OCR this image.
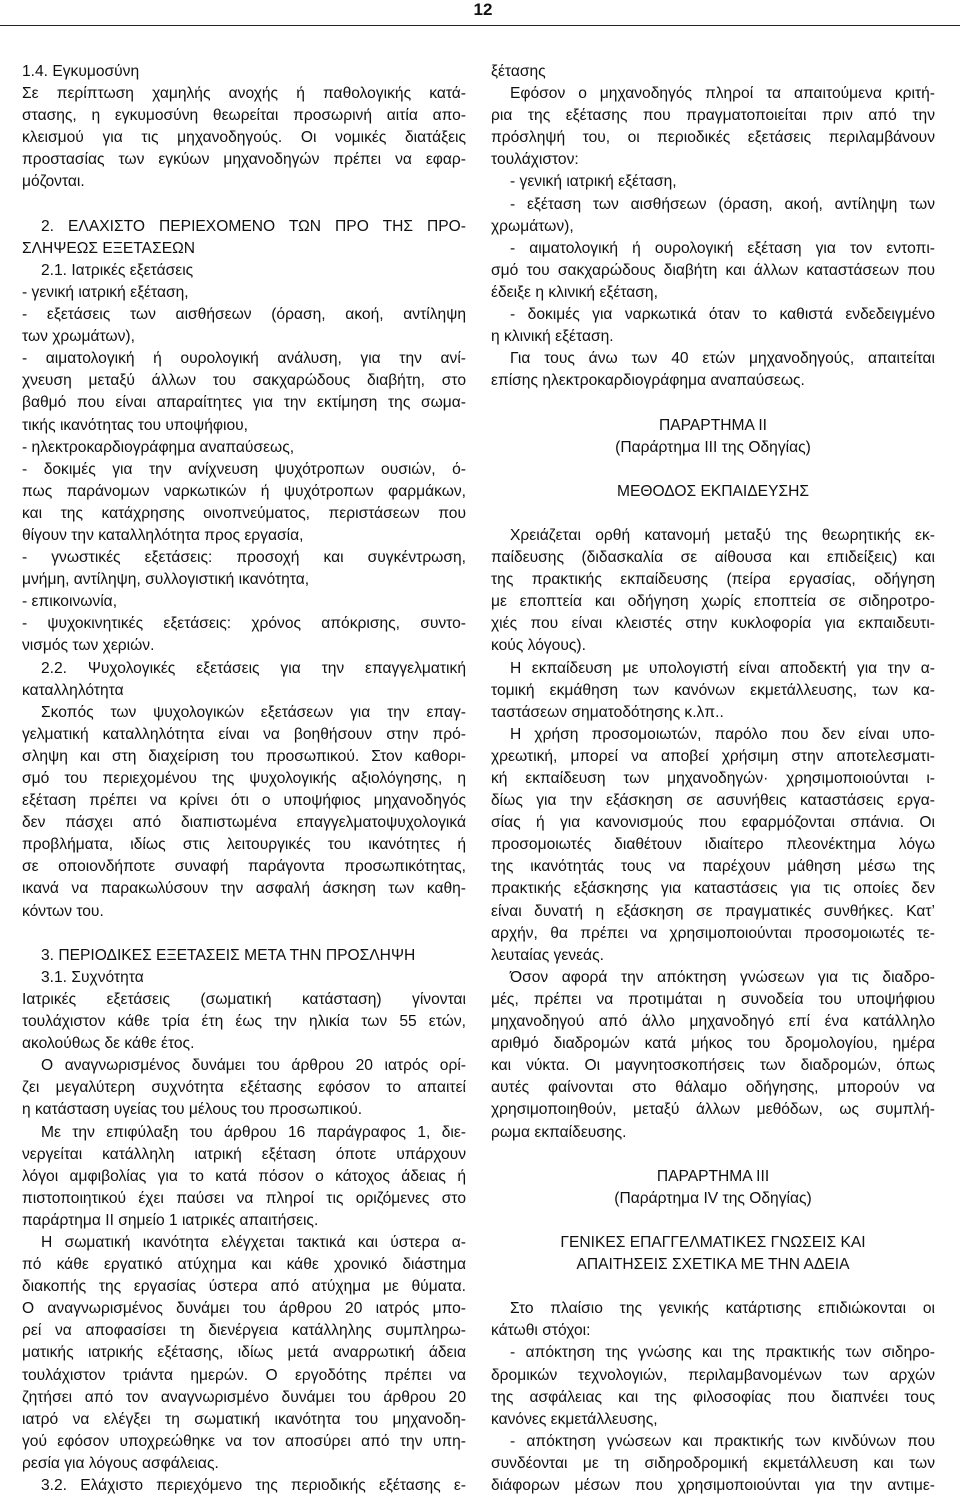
12
1.4. Εγκυμοσύνη
Σε περίπτωση χαμηλής ανοχής ή παθολογικής κατά-
στασης, η εγκυμοσύνη θεωρείται προσωρινή αιτία απο-
κλεισμού για τις μηχανοδηγούς. Οι νομικές διατάξεις
προστασίας των εγκύων μηχανοδηγών πρέπει να εφαρ-
μόζονται.

2. ΕΛΑΧΙΣΤΟ ΠΕΡΙΕΧΟΜΕΝΟ ΤΩΝ ΠΡΟ ΤΗΣ ΠΡΟ-
ΣΛΗΨΕΩΣ ΕΞΕΤΑΣΕΩΝ
2.1. Ιατρικές εξετάσεις
- γενική ιατρική εξέταση,
- εξετάσεις των αισθήσεων (όραση, ακοή, αντίληψη
των χρωμάτων),
- αιματολογική ή ουρολογική ανάλυση, για την ανί-
χνευση μεταξύ άλλων του σακχαρώδους διαβήτη, στο
βαθμό που είναι απαραίτητες για την εκτίμηση της σωμα-
τικής ικανότητας του υποψήφιου,
- ηλεκτροκαρδιογράφημα αναπαύσεως,
- δοκιμές για την ανίχνευση ψυχότροπων ουσιών, ό-
πως παράνομων ναρκωτικών ή ψυχότροπων φαρμάκων,
και της κατάχρησης οινοπνεύματος, περιστάσεων που
θίγουν την καταλληλότητα προς εργασία,
- γνωστικές εξετάσεις: προσοχή και συγκέντρωση,
μνήμη, αντίληψη, συλλογιστική ικανότητα,
- επικοινωνία,
- ψυχοκινητικές εξετάσεις: χρόνος απόκρισης, συντο-
νισμός των χεριών.
2.2. Ψυχολογικές εξετάσεις για την επαγγελματική
καταλληλότητα
Σκοπός των ψυχολογικών εξετάσεων για την επαγ-
γελματική καταλληλότητα είναι να βοηθήσουν στην πρό-
σληψη και στη διαχείριση του προσωπικού. Στον καθορι-
σμό του περιεχομένου της ψυχολογικής αξιολόγησης, η
εξέταση πρέπει να κρίνει ότι ο υποψήφιος μηχανοδηγός
δεν πάσχει από διαπιστωμένα επαγγελματοψυχολογικά
προβλήματα, ιδίως στις λειτουργικές του ικανότητες ή
σε οποιονδήποτε συναφή παράγοντα προσωπικότητας,
ικανά να παρακωλύσουν την ασφαλή άσκηση των καθη-
κόντων του.

3. ΠΕΡΙΟΔΙΚΕΣ ΕΞΕΤΑΣΕΙΣ ΜΕΤΑ ΤΗΝ ΠΡΟΣΛΗΨΗ
3.1. Συχνότητα
Ιατρικές εξετάσεις (σωματική κατάσταση) γίνονται
τουλάχιστον κάθε τρία έτη έως την ηλικία των 55 ετών,
ακολούθως δε κάθε έτος.
Ο αναγνωρισμένος δυνάμει του άρθρου 20 ιατρός ορί-
ζει μεγαλύτερη συχνότητα εξέτασης εφόσον το απαιτεί
η κατάσταση υγείας του μέλους του προσωπικού.
Με την επιφύλαξη του άρθρου 16 παράγραφος 1, διε-
νεργείται κατάλληλη ιατρική εξέταση όποτε υπάρχουν
λόγοι αμφιβολίας για το κατά πόσον ο κάτοχος άδειας ή
πιστοποιητικού έχει παύσει να πληροί τις οριζόμενες στο
παράρτημα ΙΙ σημείο 1 ιατρικές απαιτήσεις.
Η σωματική ικανότητα ελέγχεται τακτικά και ύστερα α-
πό κάθε εργατικό ατύχημα και κάθε χρονικό διάστημα
διακοπής της εργασίας ύστερα από ατύχημα με θύματα.
Ο αναγνωρισμένος δυνάμει του άρθρου 20 ιατρός μπο-
ρεί να αποφασίσει τη διενέργεια κατάλληλης συμπληρω-
ματικής ιατρικής εξέτασης, ιδίως μετά αναρρωτική άδεια
τουλάχιστον τριάντα ημερών. Ο εργοδότης πρέπει να
ζητήσει από τον αναγνωρισμένο δυνάμει του άρθρου 20
ιατρό να ελέγξει τη σωματική ικανότητα του μηχανοδη-
γού εφόσον υποχρεώθηκε να τον αποσύρει από την υπη-
ρεσία για λόγους ασφάλειας.
3.2. Ελάχιστο περιεχόμενο της περιοδικής εξέτασης ε-
ξέτασης
Εφόσον ο μηχανοδηγός πληροί τα απαιτούμενα κριτή-
ρια της εξέτασης που πραγματοποιείται πριν από την
πρόσληψή του, οι περιοδικές εξετάσεις περιλαμβάνουν
τουλάχιστον:
- γενική ιατρική εξέταση,
- εξέταση των αισθήσεων (όραση, ακοή, αντίληψη των
χρωμάτων),
- αιματολογική ή ουρολογική εξέταση για τον εντοπι-
σμό του σακχαρώδους διαβήτη και άλλων καταστάσεων που
έδειξε η κλινική εξέταση,
- δοκιμές για ναρκωτικά όταν το καθιστά ενδεδειγμένο
η κλινική εξέταση.
Για τους άνω των 40 ετών μηχανοδηγούς, απαιτείται
επίσης ηλεκτροκαρδιογράφημα αναπαύσεως.

ΠΑΡΑΡΤΗΜΑ ΙΙ
(Παράρτημα ΙΙΙ της Οδηγίας)

ΜΕΘΟΔΟΣ ΕΚΠΑΙΔΕΥΣΗΣ

Χρειάζεται ορθή κατανομή μεταξύ της θεωρητικής εκ-
παίδευσης (διδασκαλία σε αίθουσα και επιδείξεις) και
της πρακτικής εκπαίδευσης (πείρα εργασίας, οδήγηση
με εποπτεία και οδήγηση χωρίς εποπτεία σε σιδηροτρο-
χιές που είναι κλειστές στην κυκλοφορία για εκπαιδευτι-
κούς λόγους).
Η εκπαίδευση με υπολογιστή είναι αποδεκτή για την α-
τομική εκμάθηση των κανόνων εκμετάλλευσης, των κα-
ταστάσεων σηματοδότησης κ.λπ..
Η χρήση προσομοιωτών, παρόλο που δεν είναι υπο-
χρεωτική, μπορεί να αποβεί χρήσιμη στην αποτελεσματι-
κή εκπαίδευση των μηχανοδηγών· χρησιμοποιούνται ι-
δίως για την εξάσκηση σε ασυνήθεις καταστάσεις εργα-
σίας ή για κανονισμούς που εφαρμόζονται σπάνια. Οι
προσομοιωτές διαθέτουν ιδιαίτερο πλεονέκτημα λόγω
της ικανότητάς τους να παρέχουν μάθηση μέσω της
πρακτικής εξάσκησης για καταστάσεις για τις οποίες δεν
είναι δυνατή η εξάσκηση σε πραγματικές συνθήκες. Κατ’
αρχήν, θα πρέπει να χρησιμοποιούνται προσομοιωτές τε-
λευταίας γενεάς.
Όσον αφορά την απόκτηση γνώσεων για τις διαδρο-
μές, πρέπει να προτιμάται η συνοδεία του υποψήφιου
μηχανοδηγού από άλλο μηχανοδηγό επί ένα κατάλληλο
αριθμό διαδρομών κατά μήκος του δρομολογίου, ημέρα
και νύκτα. Οι μαγνητοσκοπήσεις των διαδρομών, όπως
αυτές φαίνονται στο θάλαμο οδήγησης, μπορούν να
χρησιμοποιηθούν, μεταξύ άλλων μεθόδων, ως συμπλή-
ρωμα εκπαίδευσης.

ΠΑΡΑΡΤΗΜΑ ΙΙΙ
(Παράρτημα IV της Οδηγίας)

ΓΕΝΙΚΕΣ ΕΠΑΓΓΕΛΜΑΤΙΚΕΣ ΓΝΩΣΕΙΣ ΚΑΙ
ΑΠΑΙΤΗΣΕΙΣ ΣΧΕΤΙΚΑ ΜΕ ΤΗΝ ΑΔΕΙΑ

Στο πλαίσιο της γενικής κατάρτισης επιδιώκονται οι
κάτωθι στόχοι:
- απόκτηση της γνώσης και της πρακτικής των σιδηρο-
δρομικών τεχνολογιών, περιλαμβανομένων των αρχών
της ασφάλειας και της φιλοσοφίας που διαπνέει τους
κανόνες εκμετάλλευσης,
- απόκτηση γνώσεων και πρακτικής των κινδύνων που
συνδέονται με τη σιδηροδρομική εκμετάλλευση και των
διάφορων μέσων που χρησιμοποιούνται για την αντιμε-
